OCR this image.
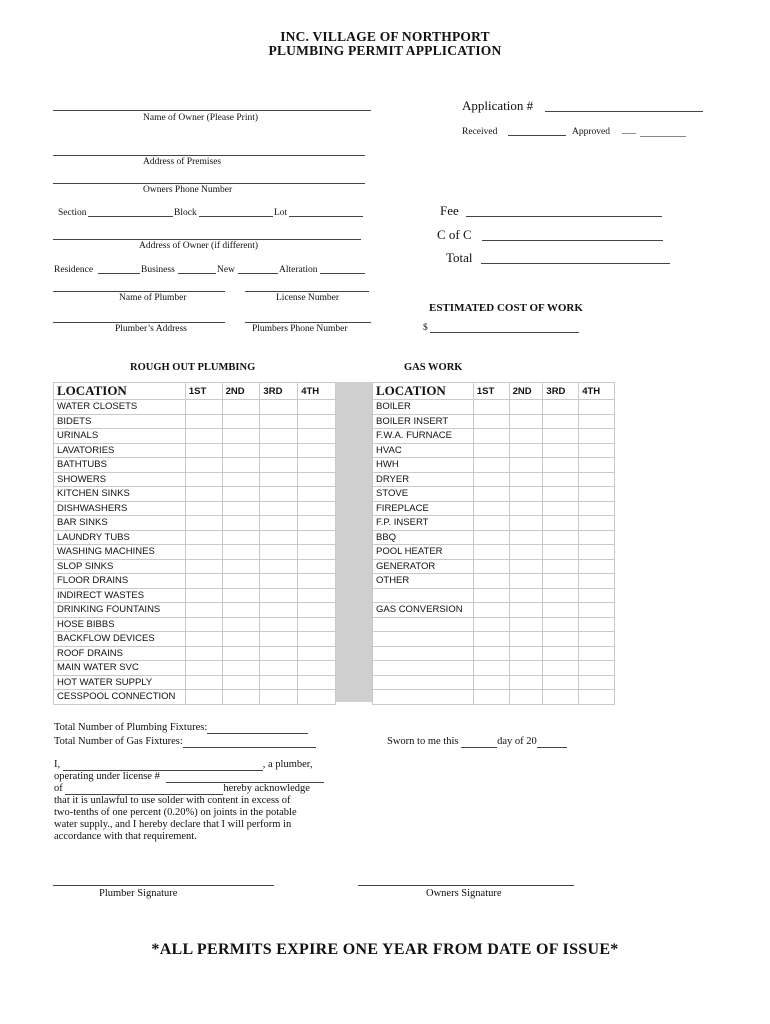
INC. VILLAGE OF NORTHPORT
PLUMBING PERMIT APPLICATION
Name of Owner (Please Print)
Address of Premises
Owners Phone Number
Section	Block	Lot
Address of Owner (if different)
Residence	Business	New	Alteration
Name of Plumber	License Number
Plumber’s Address	Plumbers Phone Number
Application #
Received	Approved ___
Fee
C of C
Total
ESTIMATED COST OF WORK
$
ROUGH OUT PLUMBING	GAS WORK
LOCATION	1ST	2ND	3RD	4TH
WATER CLOSETS				
BIDETS				
URINALS				
LAVATORIES				
BATHTUBS				
SHOWERS				
KITCHEN SINKS				
DISHWASHERS				
BAR SINKS				
LAUNDRY TUBS				
WASHING MACHINES				
SLOP SINKS				
FLOOR DRAINS				
INDIRECT WASTES				
DRINKING FOUNTAINS				
HOSE BIBBS				
BACKFLOW DEVICES				
ROOF DRAINS				
MAIN WATER SVC				
HOT WATER SUPPLY				
CESSPOOL CONNECTION				
LOCATION	1ST	2ND	3RD	4TH
BOILER				
BOILER INSERT				
F.W.A. FURNACE				
HVAC				
HWH				
DRYER				
STOVE				
FIREPLACE				
F.P. INSERT				
BBQ				
POOL HEATER				
GENERATOR				
OTHER				

GAS CONVERSION				

Total Number of Plumbing Fixtures:
Total Number of Gas Fixtures:	Sworn to me this	day of 20
I,	, a plumber,
operating under license #
of	hereby acknowledge
that it is unlawful to use solder with content in excess of
two-tenths of one percent (0.20%) on joints in the potable
water supply., and I hereby declare that I will perform in
accordance with that requirement.
Plumber Signature	Owners Signature
*ALL PERMITS EXPIRE ONE YEAR FROM DATE OF ISSUE*
